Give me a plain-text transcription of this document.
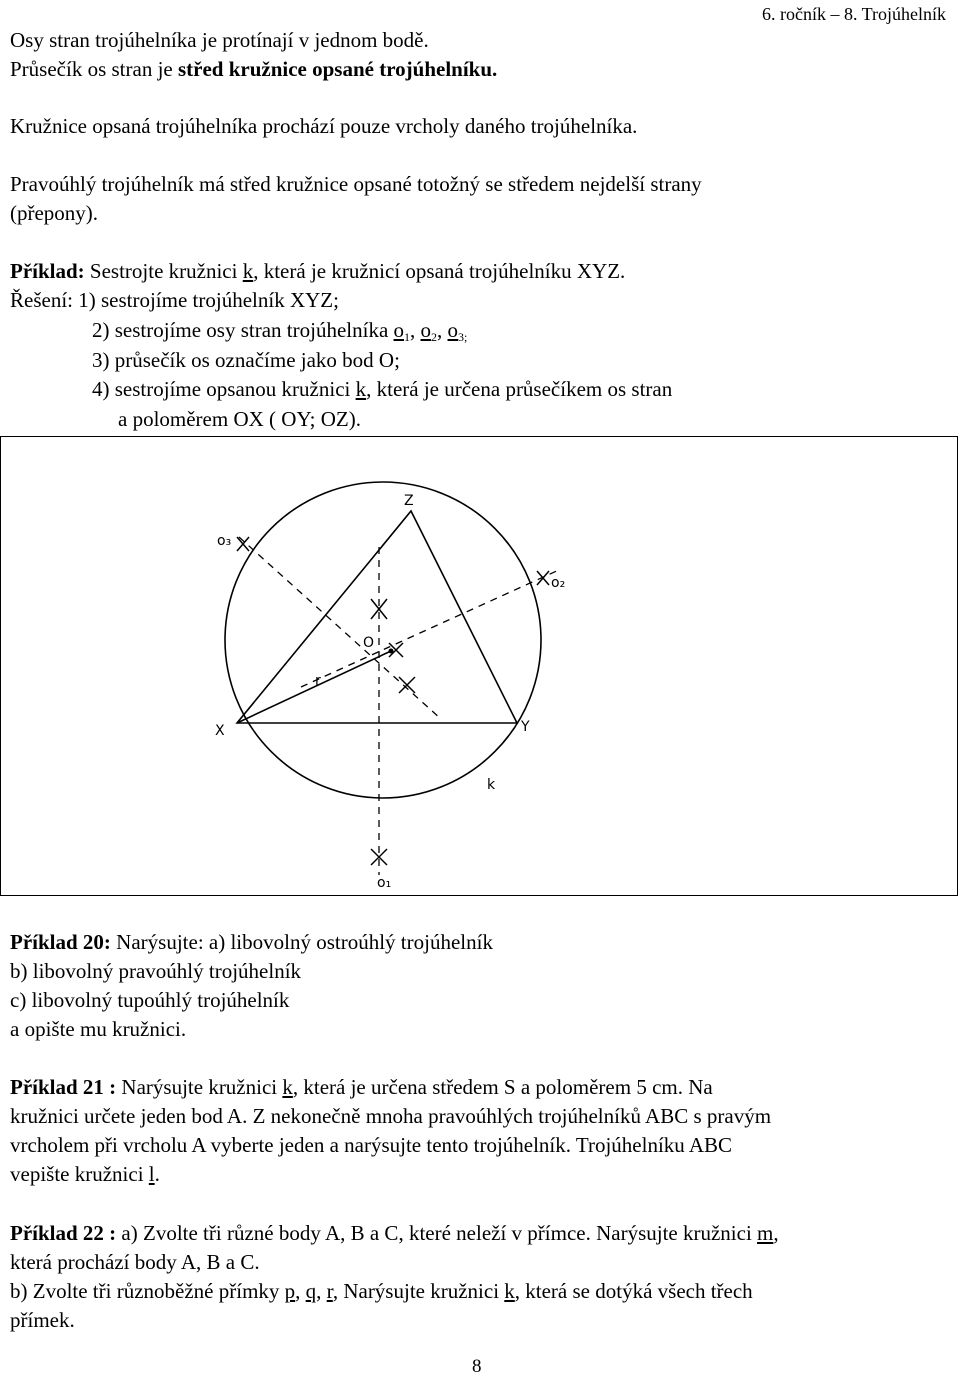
6. ročník – 8. Trojúhelník
Osy stran trojúhelníka je protínají v jednom bodě.
Průsečík os stran je střed kružnice opsané trojúhelníku.
Kružnice opsaná trojúhelníka prochází pouze vrcholy daného trojúhelníka.
Pravoúhlý trojúhelník má střed kružnice opsané totožný se středem nejdelší strany
(přepony).
Příklad: Sestrojte kružnici k, která je kružnicí opsaná trojúhelníku XYZ.
Řešení: 1) sestrojíme trojúhelník XYZ;
2) sestrojíme osy stran trojúhelníka $o_1$, $o_2$, $o_{3;}$
3) průsečík os označíme jako bod O;
4) sestrojíme opsanou kružnici k, která je určena průsečíkem os stran
a poloměrem OX ( OY; OZ).
Z
X	Y
O
r
k
o₁
o₂
o₃
Příklad 20: Narýsujte: a) libovolný ostroúhlý trojúhelník
b) libovolný pravoúhlý trojúhelník
c) libovolný tupoúhlý trojúhelník
a opište mu kružnici.
Příklad 21 : Narýsujte kružnici k, která je určena středem S a poloměrem 5 cm. Na
kružnici určete jeden bod A. Z nekonečně mnoha pravoúhlých trojúhelníků ABC s pravým
vrcholem při vrcholu A vyberte jeden a narýsujte tento trojúhelník. Trojúhelníku ABC
vepište kružnici l.
Příklad 22 : a) Zvolte tři různé body A, B a C, které neleží v přímce. Narýsujte kružnici m,
která prochází body A, B a C.
b) Zvolte tři různoběžné přímky p, q, r, Narýsujte kružnici k, která se dotýká všech třech
přímek.
8
